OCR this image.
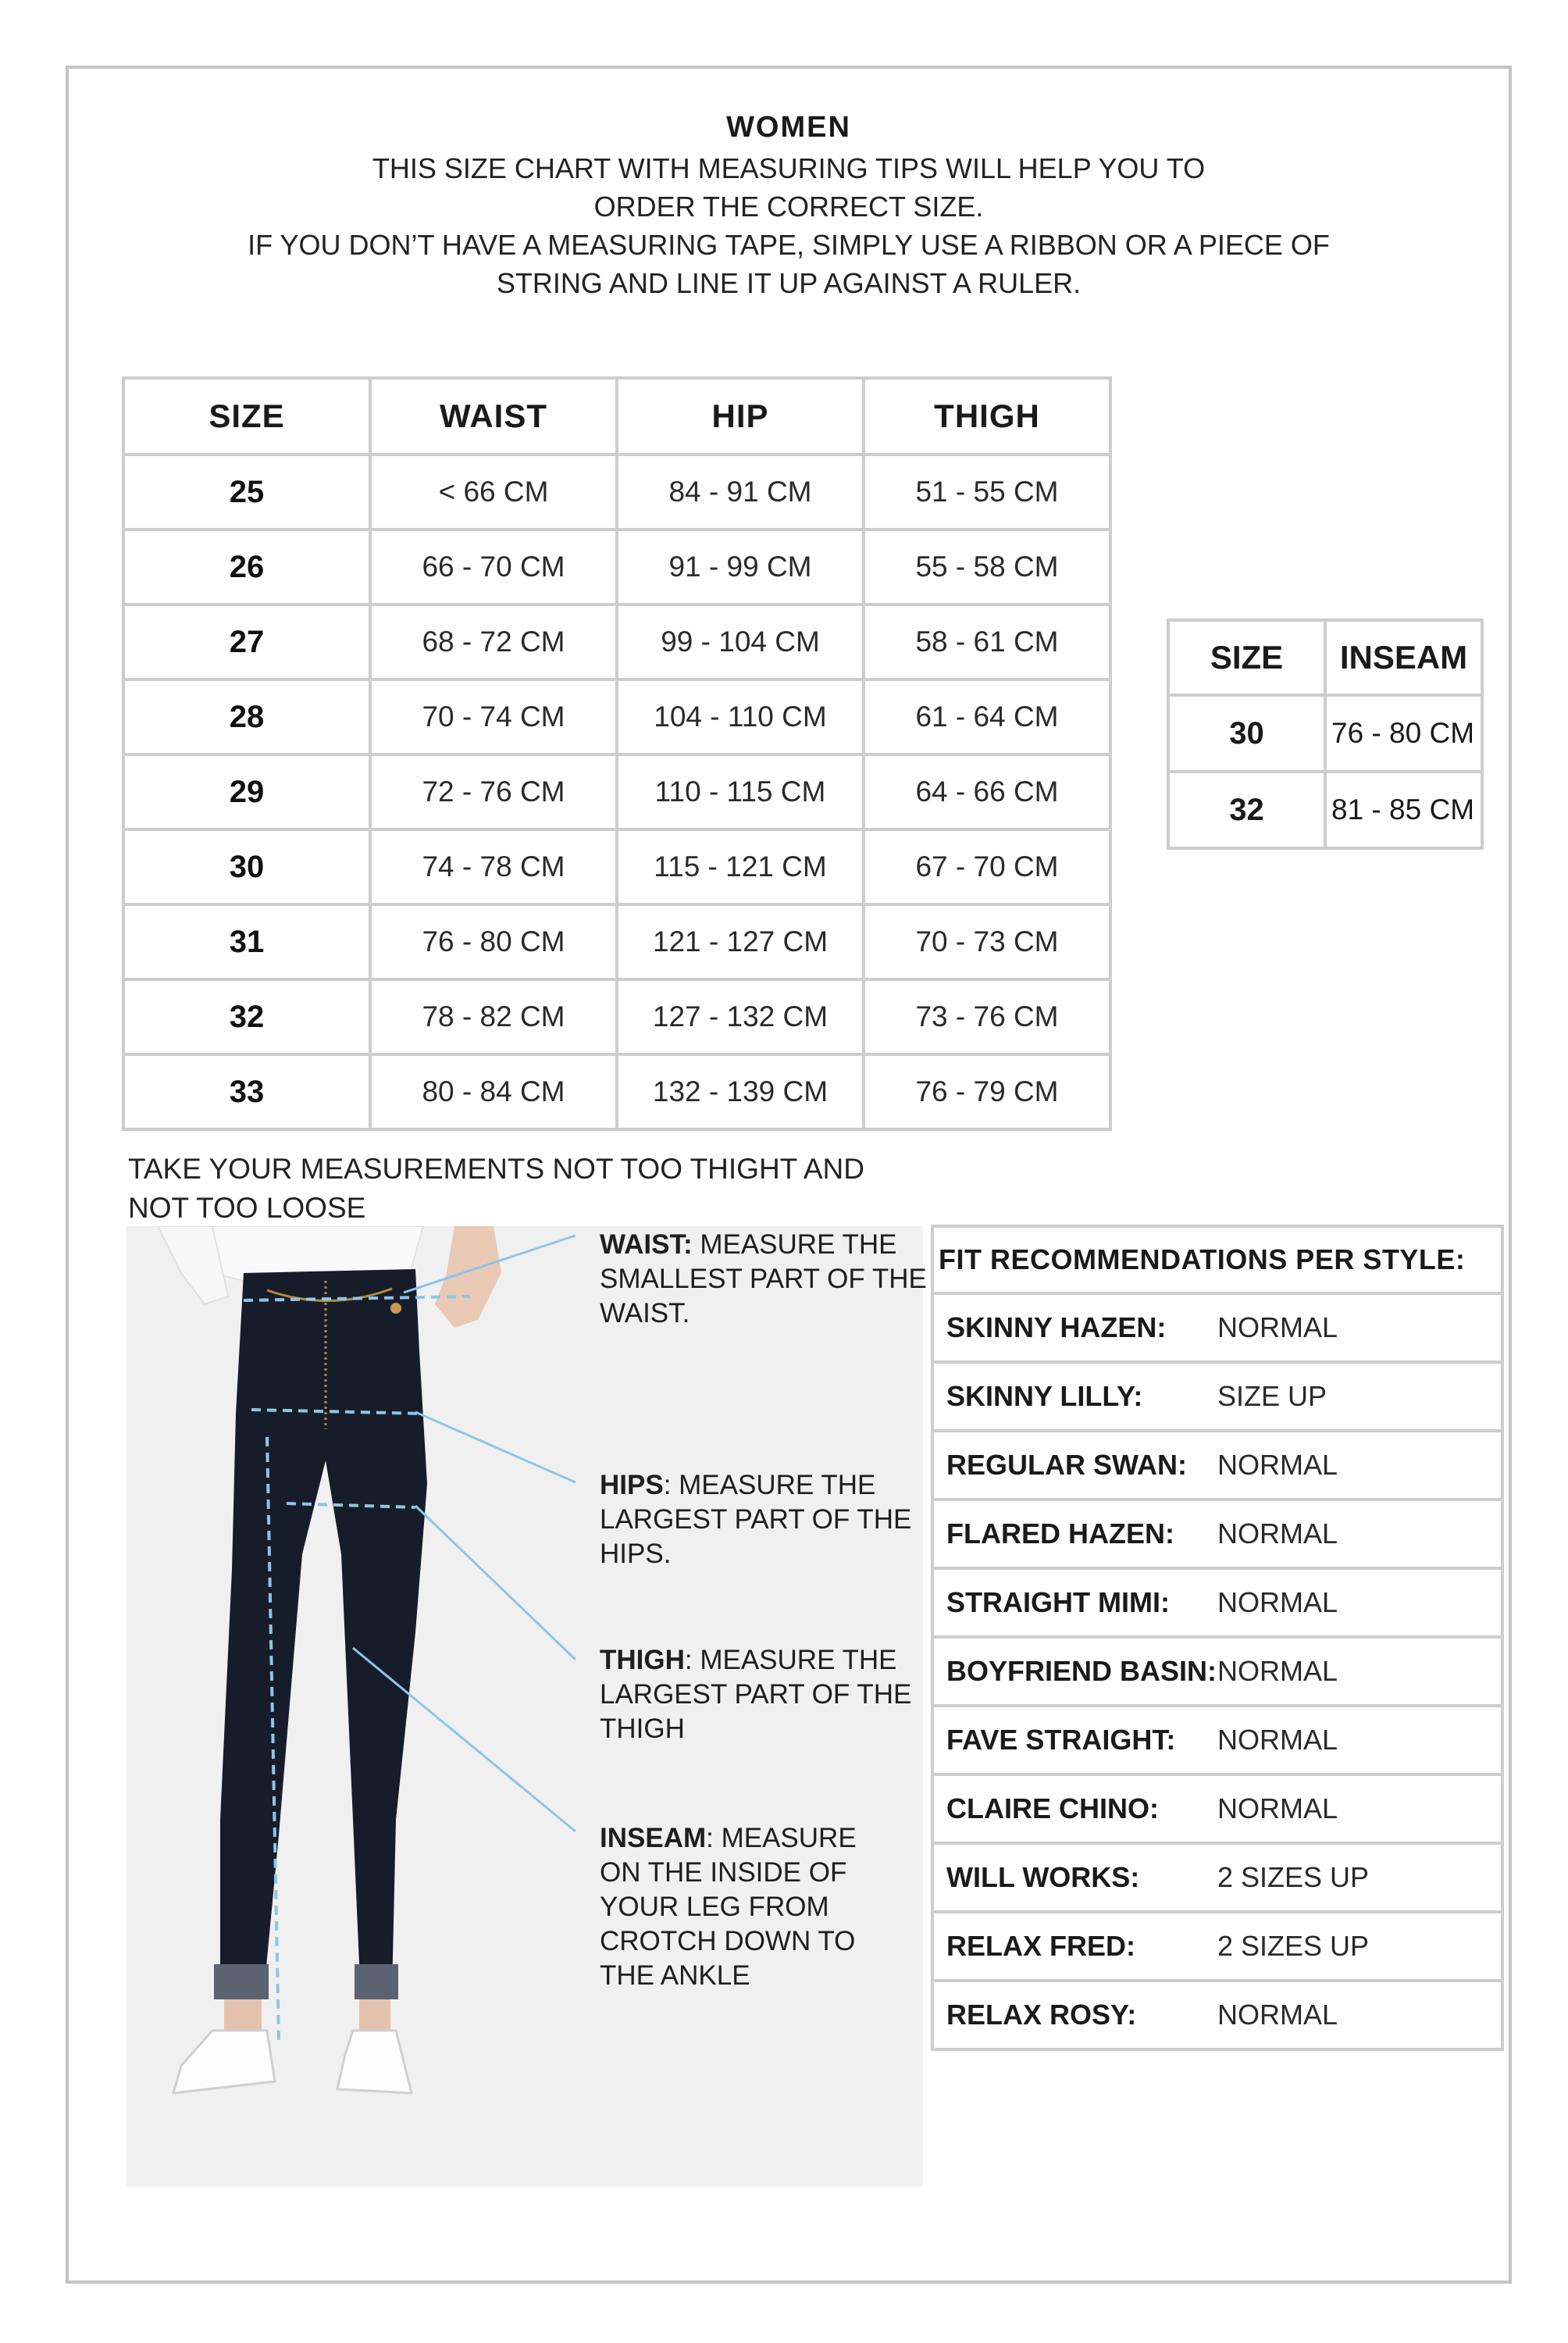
WOMEN
THIS SIZE CHART WITH MEASURING TIPS WILL HELP YOU TO
ORDER THE CORRECT SIZE.
IF YOU DON’T HAVE A MEASURING TAPE, SIMPLY USE A RIBBON OR A PIECE OF
STRING AND LINE IT UP AGAINST A RULER.
SIZE	WAIST	HIP	THIGH
25	< 66 CM	84 - 91 CM	51 - 55 CM
26	66 - 70 CM	91 - 99 CM	55 - 58 CM
27	68 - 72 CM	99 - 104 CM	58 - 61 CM
28	70 - 74 CM	104 - 110 CM	61 - 64 CM
29	72 - 76 CM	110 - 115 CM	64 - 66 CM
30	74 - 78 CM	115 - 121 CM	67 - 70 CM
31	76 - 80 CM	121 - 127 CM	70 - 73 CM
32	78 - 82 CM	127 - 132 CM	73 - 76 CM
33	80 - 84 CM	132 - 139 CM	76 - 79 CM
SIZE	INSEAM
30	76 - 80 CM
32	81 - 85 CM
TAKE YOUR MEASUREMENTS NOT TOO THIGHT AND
NOT TOO LOOSE
WAIST: MEASURE THE SMALLEST PART OF THE WAIST.
HIPS: MEASURE THE LARGEST PART OF THE HIPS.
THIGH: MEASURE THE LARGEST PART OF THE THIGH
INSEAM: MEASURE ON THE INSIDE OF YOUR LEG FROM CROTCH DOWN TO THE ANKLE
FIT RECOMMENDATIONS PER STYLE:	
SKINNY HAZEN:	NORMAL
SKINNY LILLY:	SIZE UP
REGULAR SWAN:	NORMAL
FLARED HAZEN:	NORMAL
STRAIGHT MIMI:	NORMAL
BOYFRIEND BASIN:	NORMAL
FAVE STRAIGHT:	NORMAL
CLAIRE CHINO:	NORMAL
WILL WORKS:	2 SIZES UP
RELAX FRED:	2 SIZES UP
RELAX ROSY:	NORMAL
